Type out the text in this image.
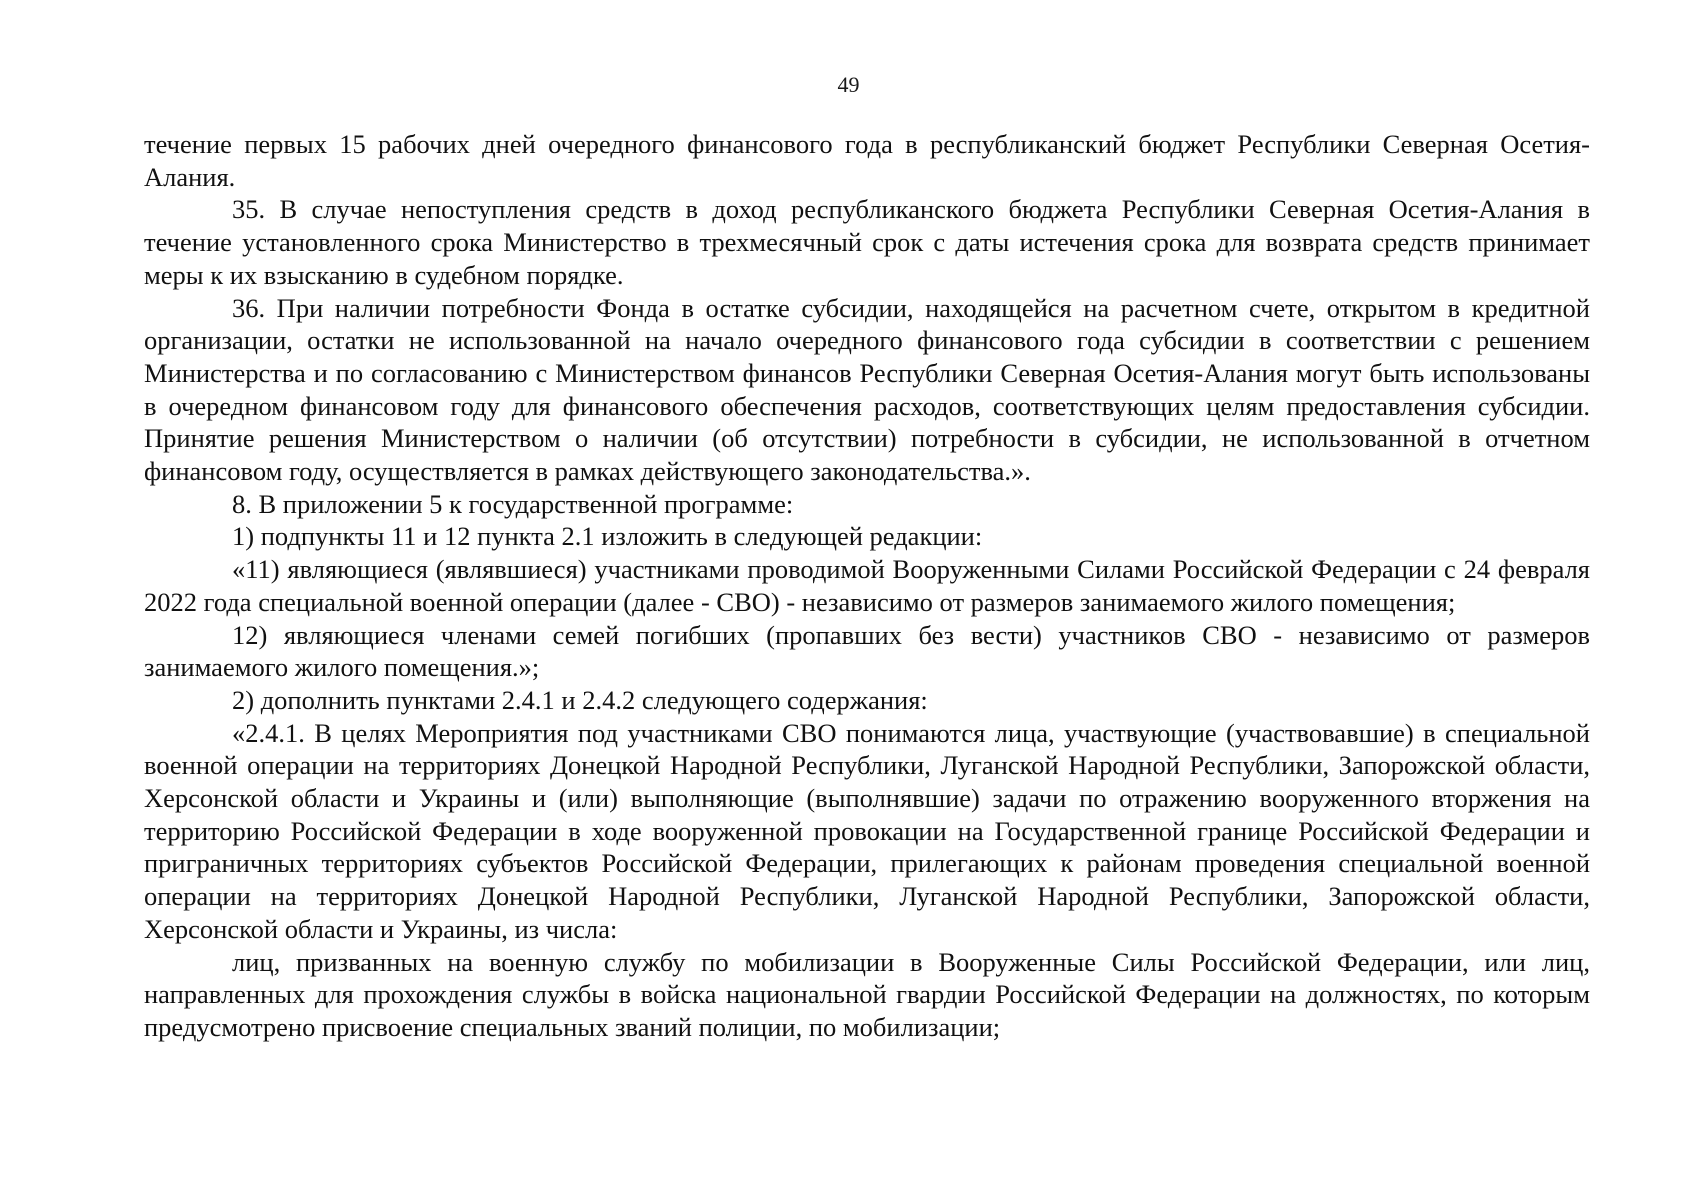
49

течение первых 15 рабочих дней очередного финансового года в республиканский бюджет Республики Северная Осетия-Алания.

35. В случае непоступления средств в доход республиканского бюджета Республики Северная Осетия-Алания в течение установленного срока Министерство в трехмесячный срок с даты истечения срока для возврата средств принимает меры к их взысканию в судебном порядке.

36. При наличии потребности Фонда в остатке субсидии, находящейся на расчетном счете, открытом в кредитной организации, остатки не использованной на начало очередного финансового года субсидии в соответствии с решением Министерства и по согласованию с Министерством финансов Республики Северная Осетия-Алания могут быть использованы в очередном финансовом году для финансового обеспечения расходов, соответствующих целям предоставления субсидии. Принятие решения Министерством о наличии (об отсутствии) потребности в субсидии, не использованной в отчетном финансовом году, осуществляется в рамках действующего законодательства.».

8. В приложении 5 к государственной программе:

1) подпункты 11 и 12 пункта 2.1 изложить в следующей редакции:

«11) являющиеся (являвшиеся) участниками проводимой Вооруженными Силами Российской Федерации с 24 февраля 2022 года специальной военной операции (далее - СВО) - независимо от размеров занимаемого жилого помещения;

12) являющиеся членами семей погибших (пропавших без вести) участников СВО - независимо от размеров занимаемого жилого помещения.»;

2) дополнить пунктами 2.4.1 и 2.4.2 следующего содержания:

«2.4.1. В целях Мероприятия под участниками СВО понимаются лица, участвующие (участвовавшие) в специальной военной операции на территориях Донецкой Народной Республики, Луганской Народной Республики, Запорожской области, Херсонской области и Украины и (или) выполняющие (выполнявшие) задачи по отражению вооруженного вторжения на территорию Российской Федерации в ходе вооруженной провокации на Государственной границе Российской Федерации и приграничных территориях субъектов Российской Федерации, прилегающих к районам проведения специальной военной операции на территориях Донецкой Народной Республики, Луганской Народной Республики, Запорожской области, Херсонской области и Украины, из числа:

лиц, призванных на военную службу по мобилизации в Вооруженные Силы Российской Федерации, или лиц, направленных для прохождения службы в войска национальной гвардии Российской Федерации на должностях, по которым предусмотрено присвоение специальных званий полиции, по мобилизации;
